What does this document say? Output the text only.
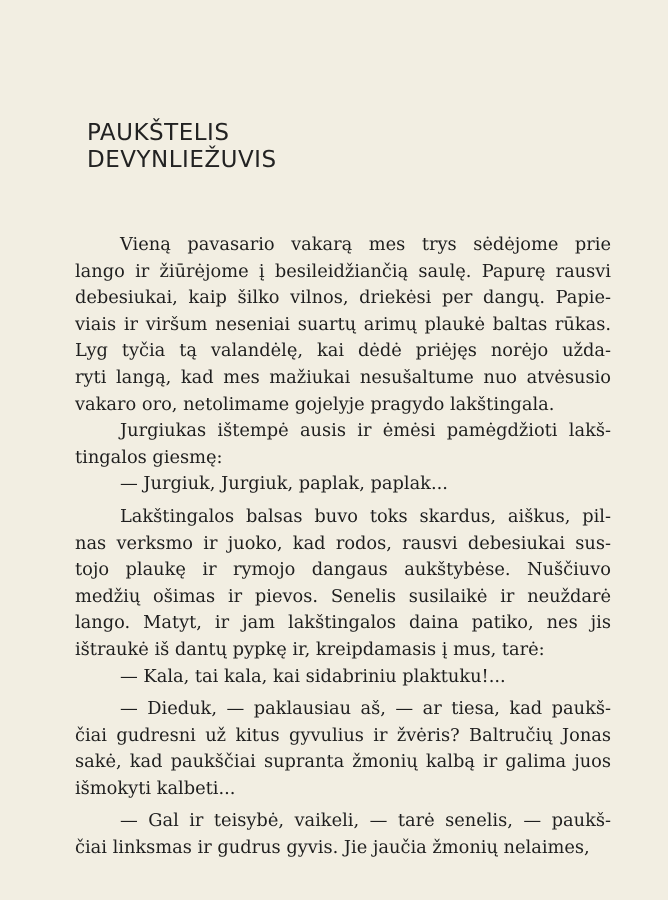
PAUKŠTELIS
DEVYNLIEŽUVIS

Vieną pavasario vakarą mes trys sėdėjome prie
lango ir žiūrėjome į besileidžiančią saulę. Papurę rausvi
debesiukai, kaip šilko vilnos, driekėsi per dangų. Papie-
viais ir viršum neseniai suartų arimų plaukė baltas rūkas.
Lyg tyčia tą valandėlę, kai dėdė priėjęs norėjo užda-
ryti langą, kad mes mažiukai nesušaltume nuo atvėsusio
vakaro oro, netolimame gojelyje pragydo lakštingala.

Jurgiukas ištempė ausis ir ėmėsi pamėgdžioti lakš-
tingalos giesmę:

— Jurgiuk, Jurgiuk, paplak, paplak...

Lakštingalos balsas buvo toks skardus, aiškus, pil-
nas verksmo ir juoko, kad rodos, rausvi debesiukai sus-
tojo plaukę ir rymojo dangaus aukštybėse. Nuščiuvo
medžių ošimas ir pievos. Senelis susilaikė ir neuždarė
lango. Matyt, ir jam lakštingalos daina patiko, nes jis
ištraukė iš dantų pypkę ir, kreipdamasis į mus, tarė:

— Kala, tai kala, kai sidabriniu plaktuku!...

— Dieduk, — paklausiau aš, — ar tiesa, kad paukš-
čiai gudresni už kitus gyvulius ir žvėris? Baltručių Jonas
sakė, kad paukščiai supranta žmonių kalbą ir galima juos
išmokyti kalbeti...

— Gal ir teisybė, vaikeli, — tarė senelis, — paukš-
čiai linksmas ir gudrus gyvis. Jie jaučia žmonių nelaimes,
